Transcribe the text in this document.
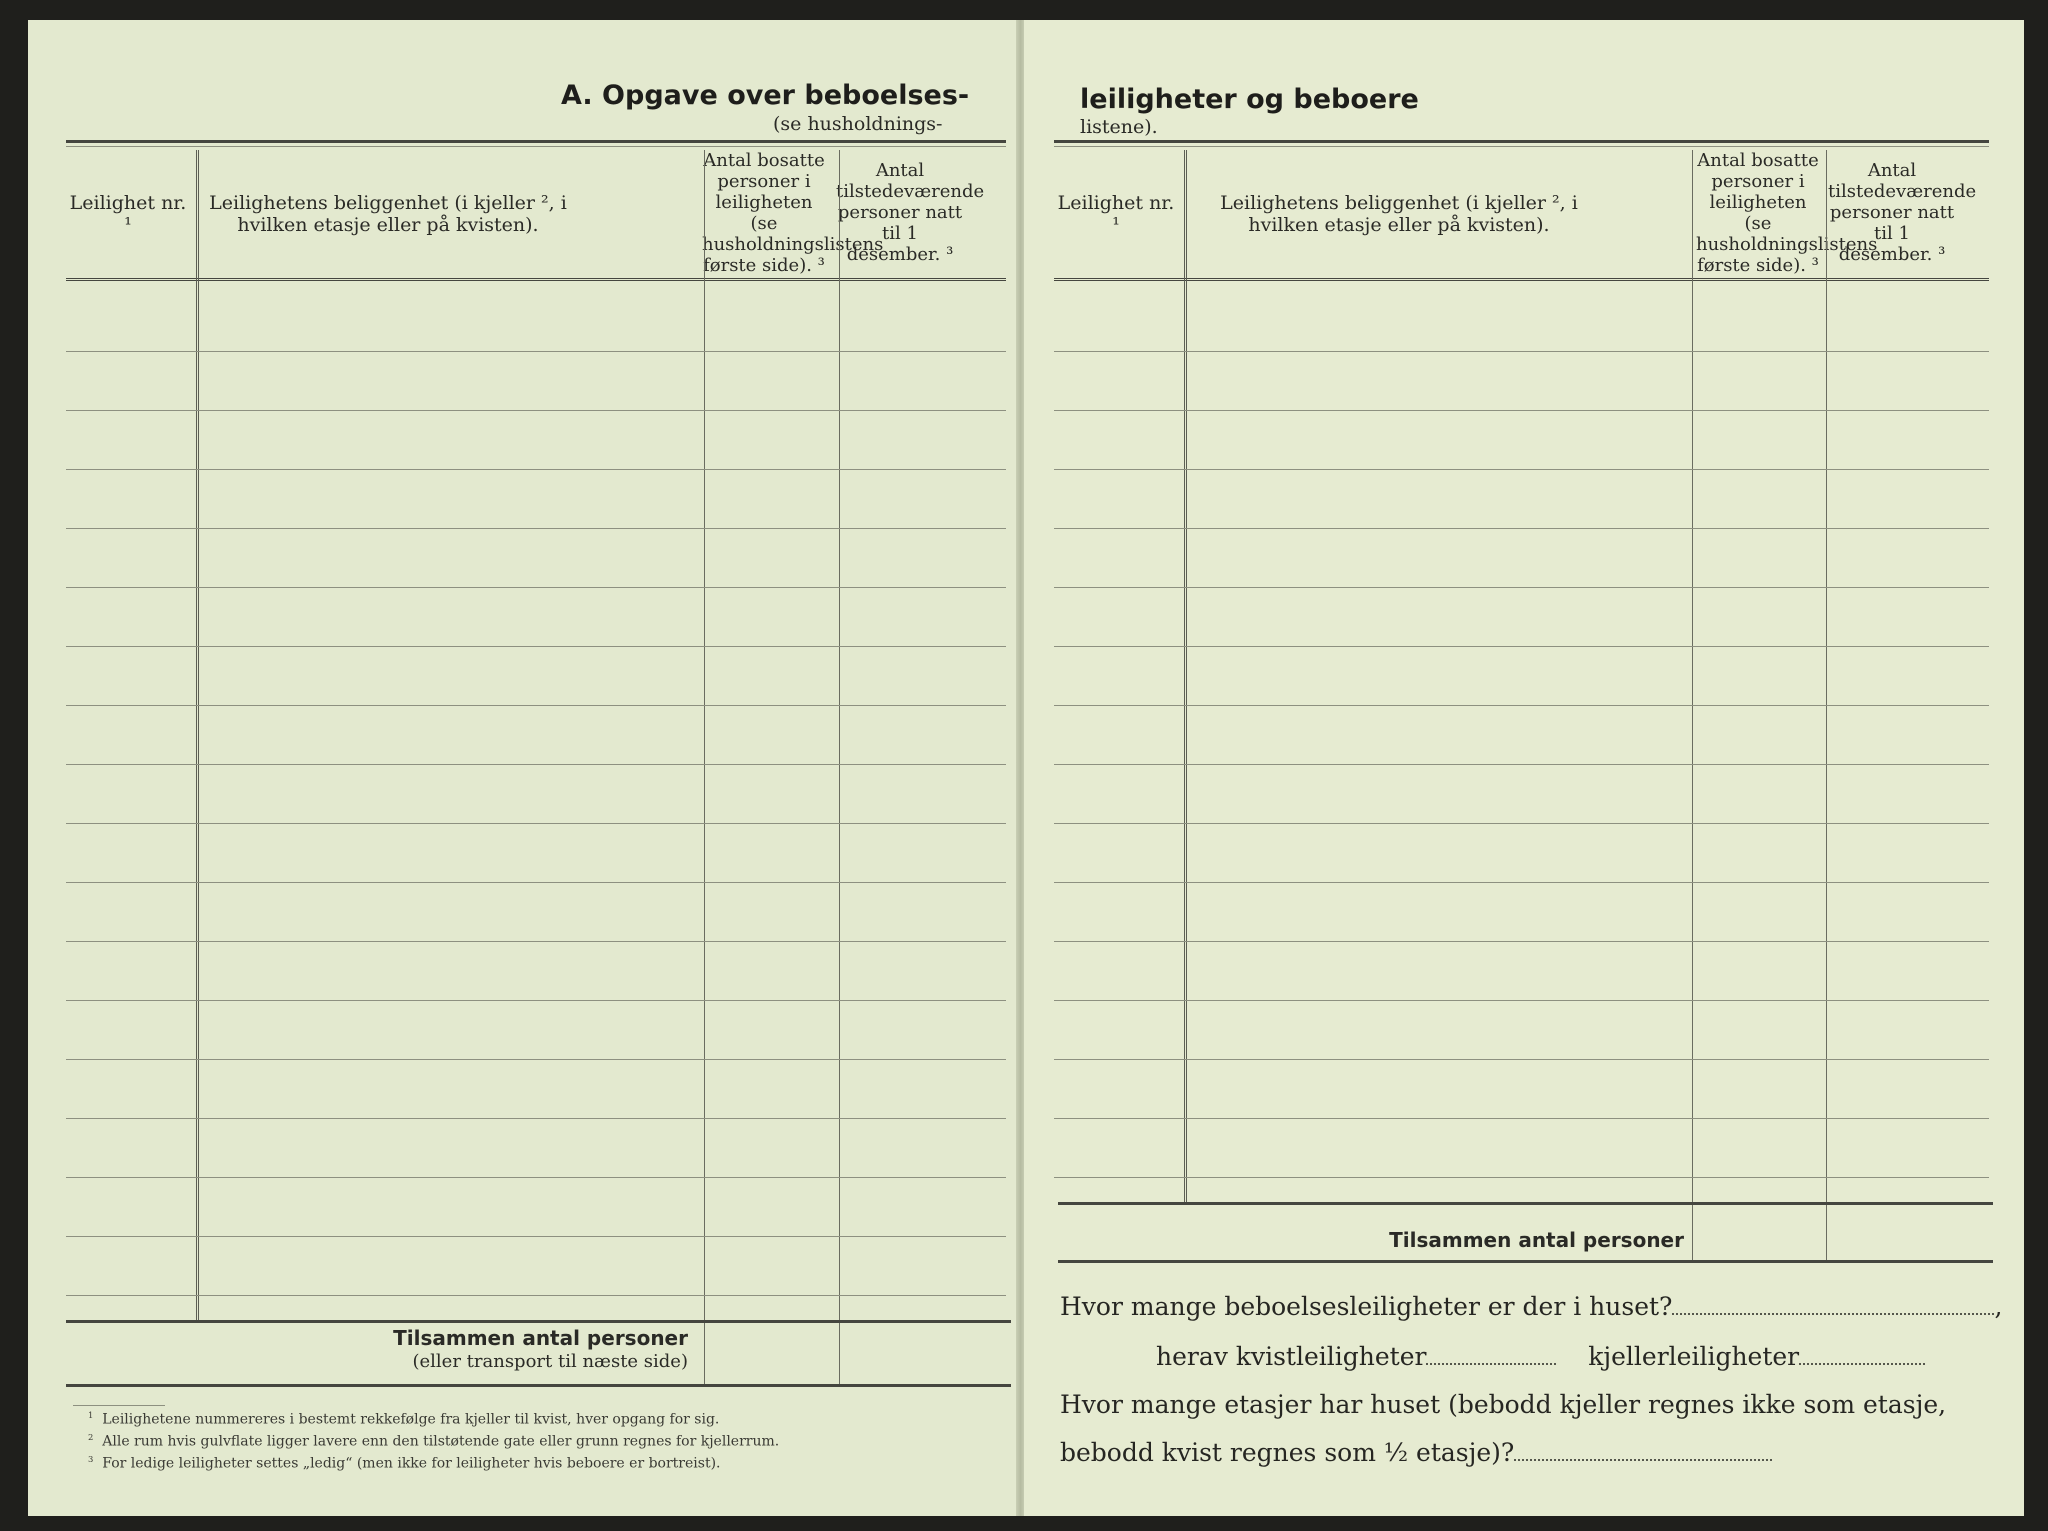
A. Opgave over beboelses-
(se husholdnings-
Leilighet nr. ¹
Leilighetens beliggenhet (i kjeller ², i hvilken etasje eller på kvisten).
Antal bosatte personer i leiligheten (se husholdningslistens første side). ³
Antal tilstedeværende personer natt til 1 desember. ³
Tilsammen antal personer
(eller transport til næste side)
$^1$ Leilighetene nummereres i bestemt rekkefølge fra kjeller til kvist, hver opgang for sig.
$^2$ Alle rum hvis gulvflate ligger lavere enn den tilstøtende gate eller grunn regnes for kjellerrum.
$^3$ For ledige leiligheter settes „ledig“ (men ikke for leiligheter hvis beboere er bortreist).
leiligheter og beboere
listene).
Leilighet nr. ¹
Leilighetens beliggenhet (i kjeller ², i hvilken etasje eller på kvisten).
Antal bosatte personer i leiligheten (se husholdningslistens første side). ³
Antal tilstedeværende personer natt til 1 desember. ³
Tilsammen antal personer
Hvor mange beboelsesleiligheter er der i huset?	,
herav kvistleiligheter	kjellerleiligheter
Hvor mange etasjer har huset (bebodd kjeller regnes ikke som etasje,
bebodd kvist regnes som ½ etasje)?
